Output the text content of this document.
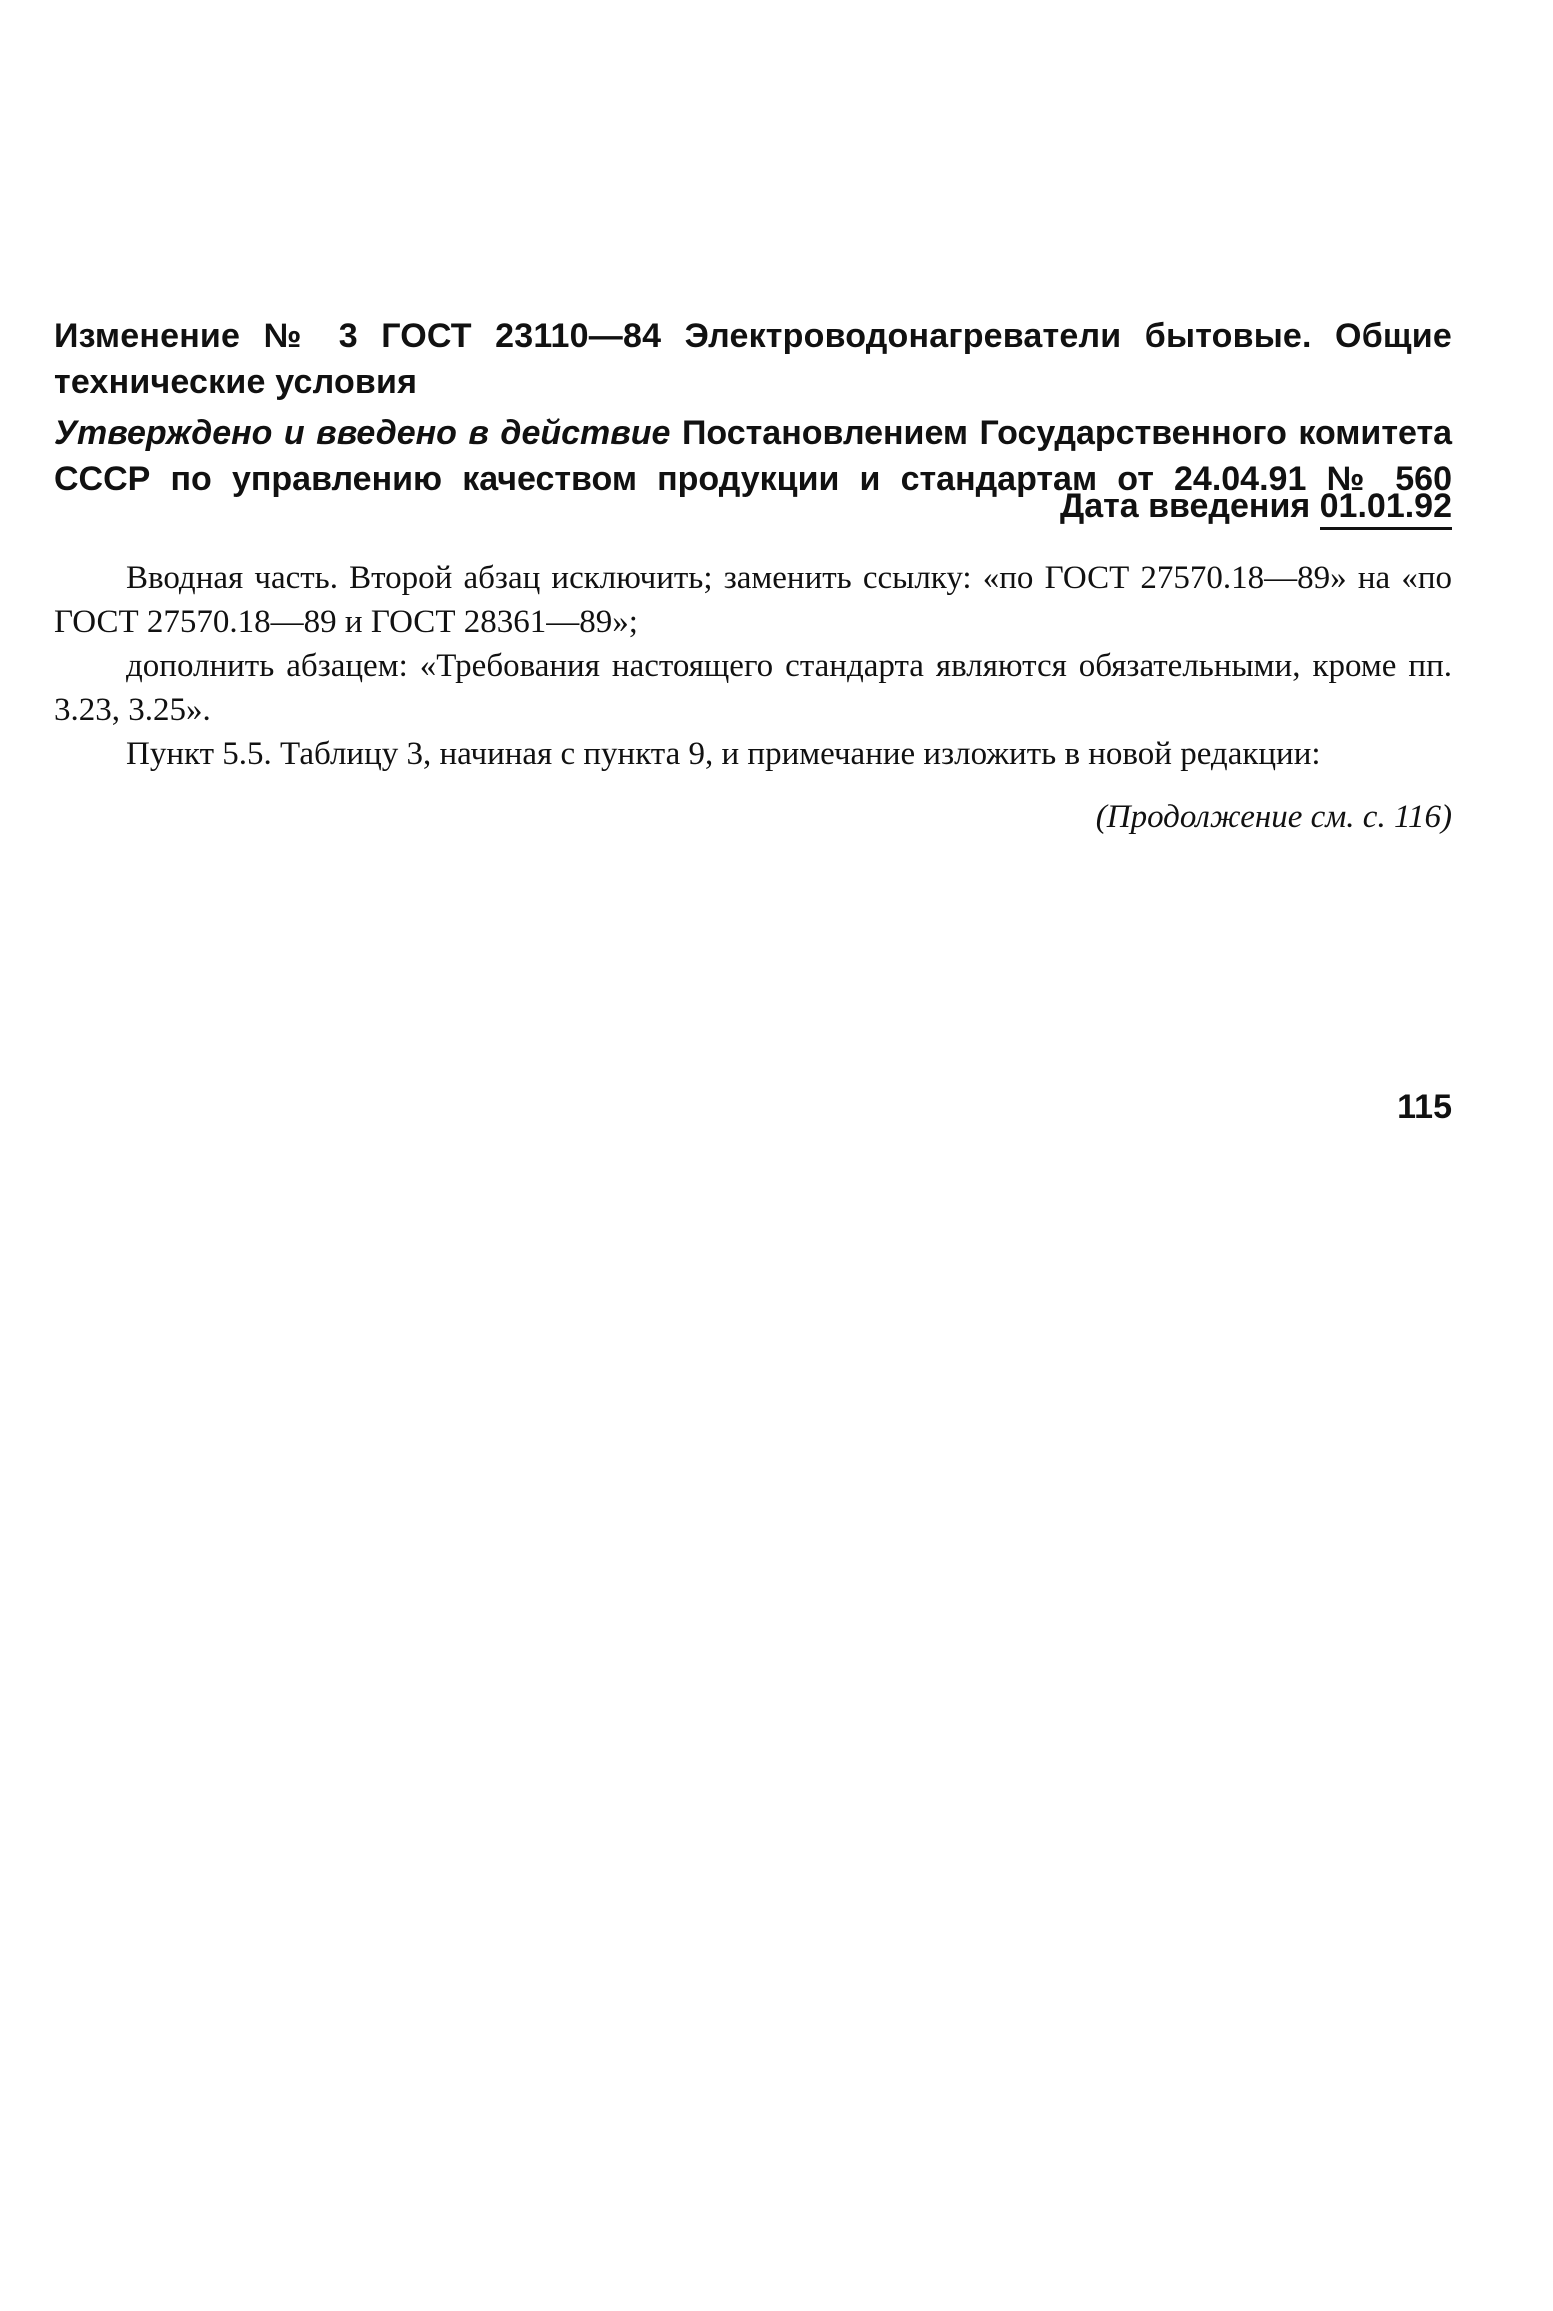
Изменение № 3 ГОСТ 23110—84 Электроводонагреватели бытовые. Общие технические условия
Утверждено и введено в действие Постановлением Государственного комитета СССР по управлению качеством продукции и стандартам от 24.04.91 № 560
Дата введения 01.01.92

Вводная часть. Второй абзац исключить; заменить ссылку: «по ГОСТ 27570.18—89» на «по ГОСТ 27570.18—89 и ГОСТ 28361—89»;

дополнить абзацем: «Требования настоящего стандарта являются обязательными, кроме пп. 3.23, 3.25».

Пункт 5.5. Таблицу 3, начиная с пункта 9, и примечание изложить в новой редакции:

(Продолжение см. с. 116)
115
